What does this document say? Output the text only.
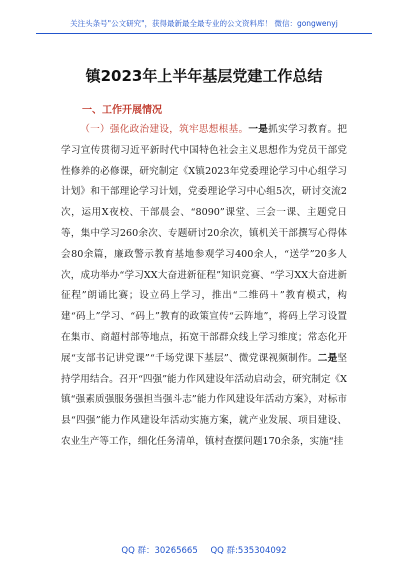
关注头条号"公文研究"，获得最新最全最专业的公文资料库！ 微信：gongwenyj
镇2023年上半年基层党建工作总结
一、工作开展情况
（一）强化政治建设，筑牢思想根基。一是抓实学习教育。把学习宣传贯彻习近平新时代中国特色社会主义思想作为党员干部党性修养的必修课，研究制定《X镇2023年党委理论学习中心组学习计划》和干部理论学习计划，党委理论学习中心组5次，研讨交流2次，运用X夜校、干部晨会、“8090”课堂、三会一课、主题党日等，集中学习260余次、专题研讨20余次，镇机关干部撰写心得体会80余篇，廉政警示教育基地参观学习400余人，“送学”20多人次，成功举办“学习XX大奋进新征程”知识竞赛、“学习XX大奋进新征程”朗诵比赛；设立码上学习，推出“二维码＋”教育模式，构建“码上”学习、“码上”教育的政策宣传“云阵地”，将码上学习设置在集市、商超村部等地点，拓宽干部群众线上学习维度；常态化开展“支部书记讲党课”“千场党课下基层”、微党课视频制作。二是坚持学用结合。召开“四强”能力作风建设年活动启动会，研究制定《X镇“强素质强服务强担当强斗志”能力作风建设年活动方案》，对标市县“四强”能力作风建设年活动实施方案，就产业发展、项目建设、农业生产等工作，细化任务清单，镇村查摆问题170余条，实施“挂
QQ 群：30265665 QQ 群:535304092
